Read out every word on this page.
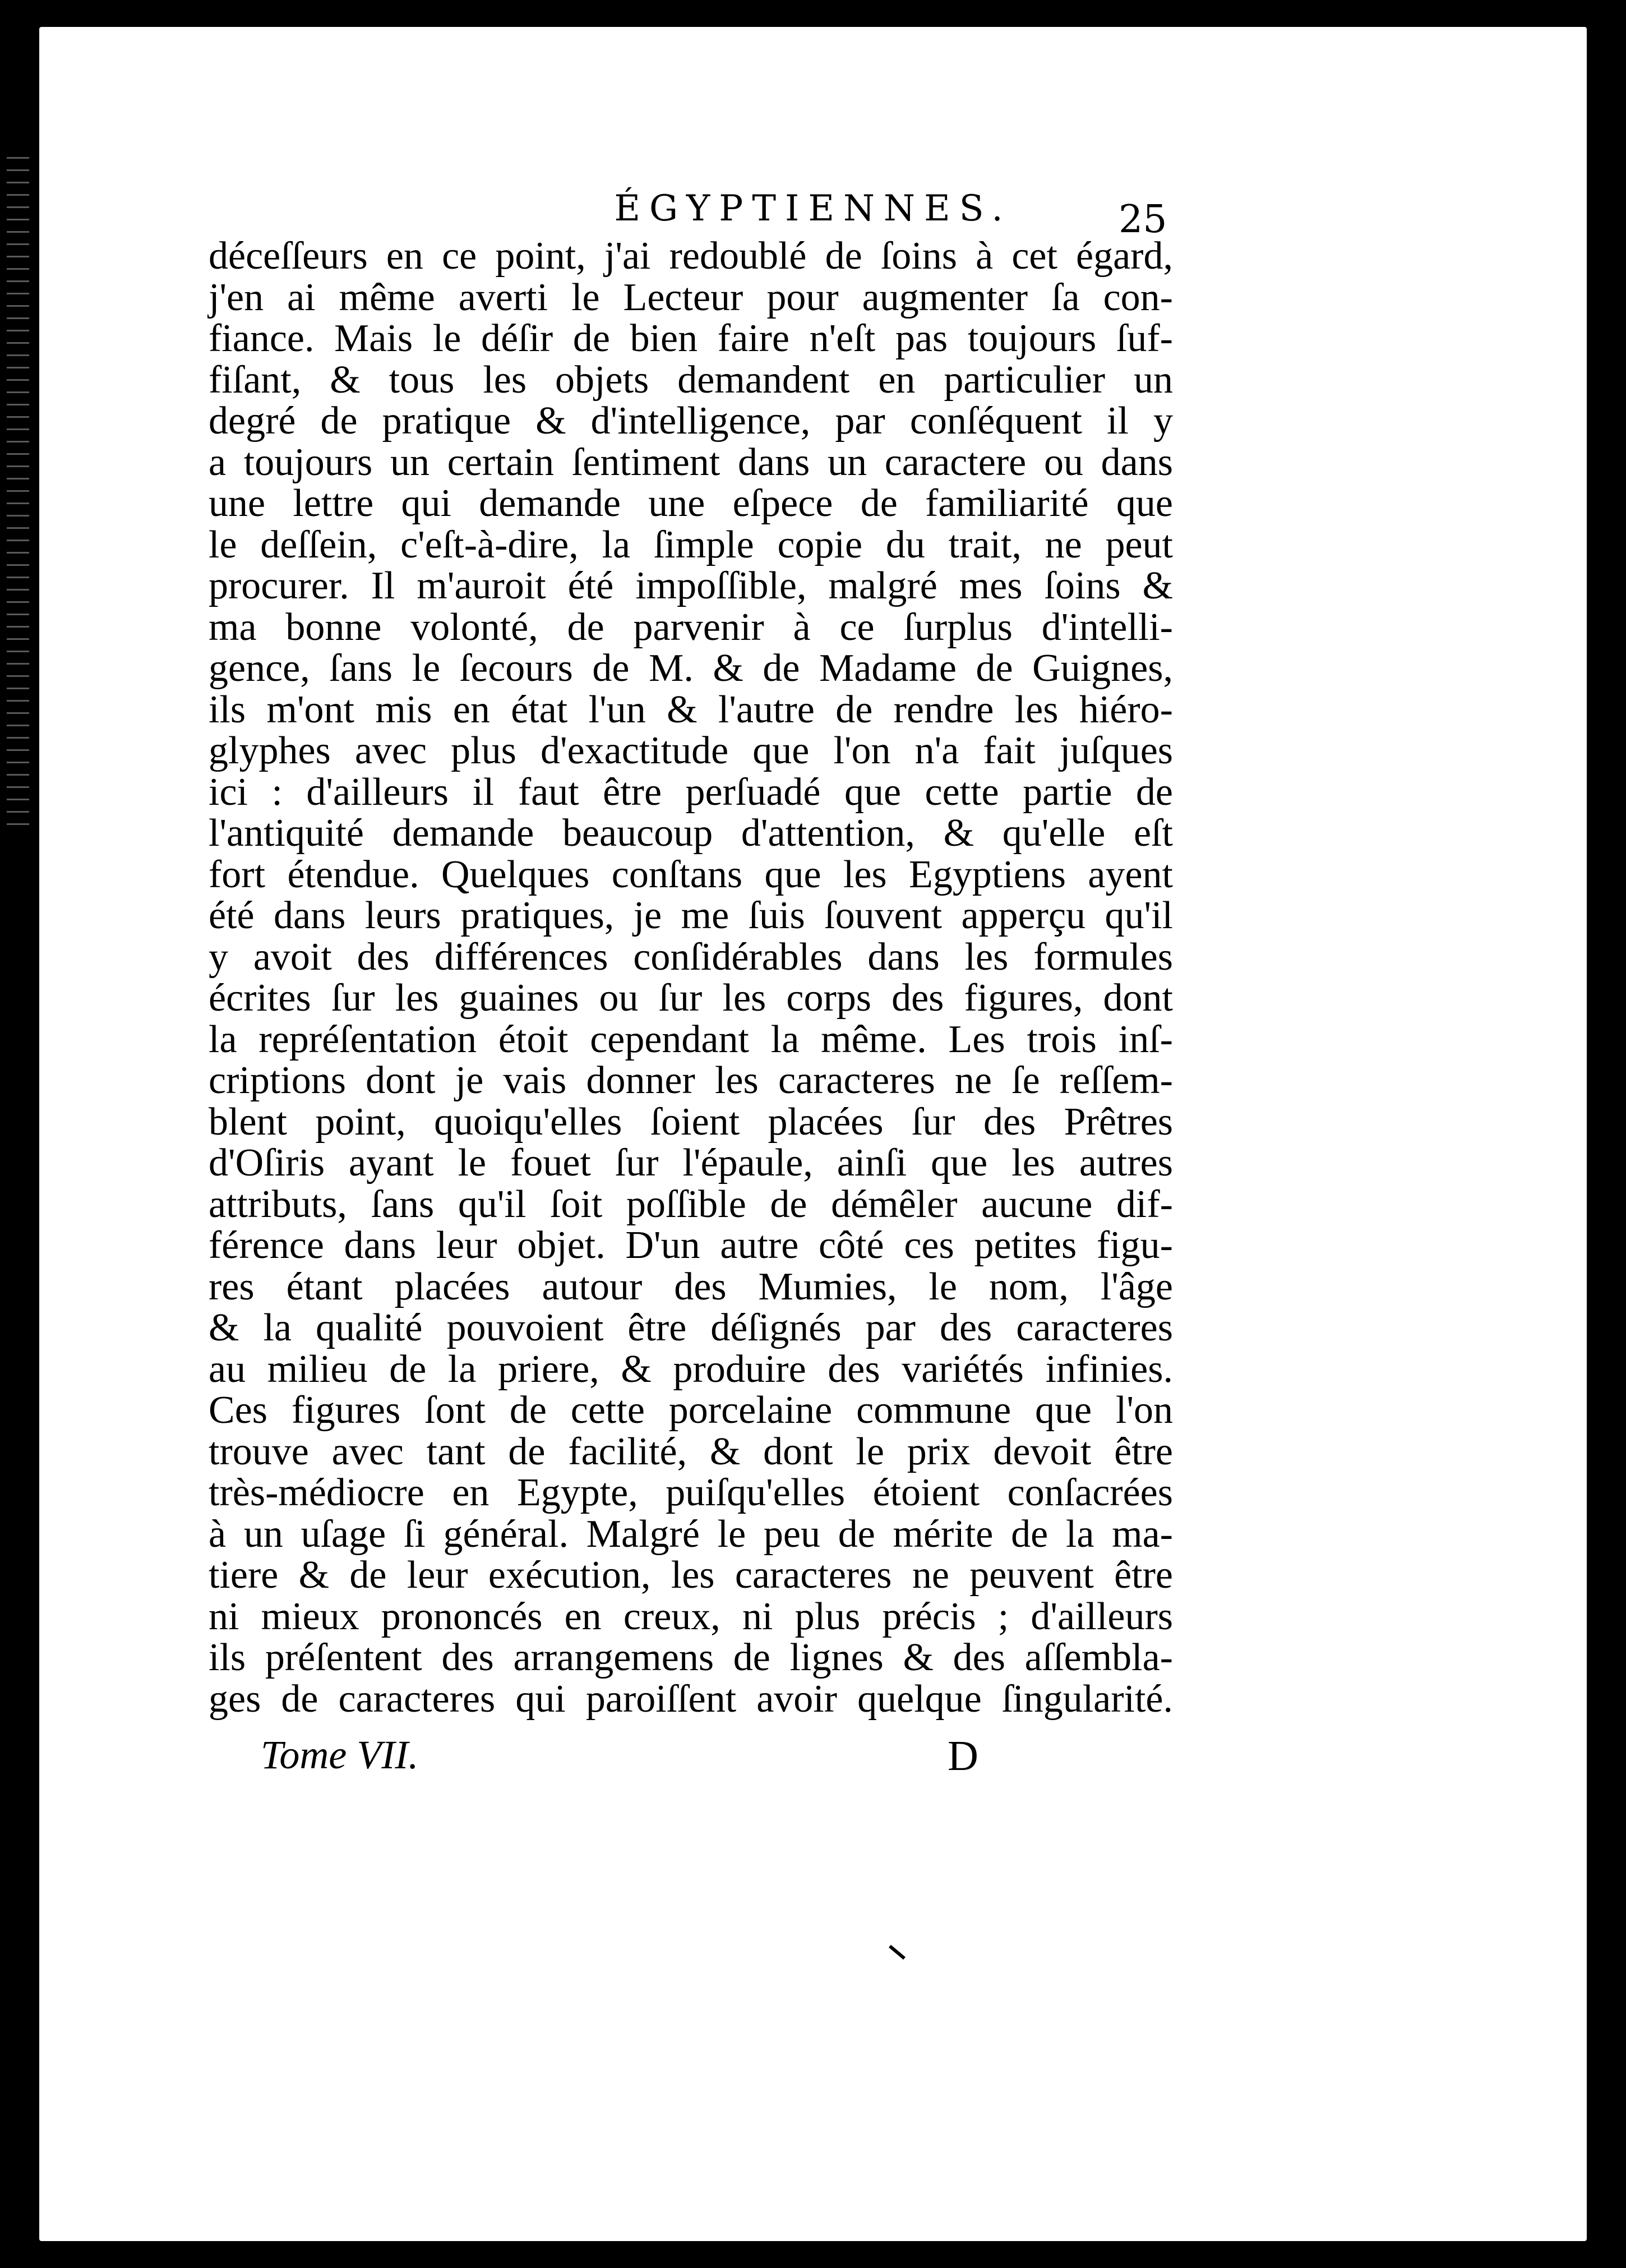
ÉGYPTIENNES.	25
déceſſeurs en ce point, j'ai redoublé de ſoins à cet égard,
j'en ai même averti le Lecteur pour augmenter ſa con-
fiance. Mais le déſir de bien faire n'eſt pas toujours ſuf-
fiſant, & tous les objets demandent en particulier un
degré de pratique & d'intelligence, par conſéquent il y
a toujours un certain ſentiment dans un caractere ou dans
une lettre qui demande une eſpece de familiarité que
le deſſein, c'eſt-à-dire, la ſimple copie du trait, ne peut
procurer. Il m'auroit été impoſſible, malgré mes ſoins &
ma bonne volonté, de parvenir à ce ſurplus d'intelli-
gence, ſans le ſecours de M. & de Madame de Guignes,
ils m'ont mis en état l'un & l'autre de rendre les hiéro-
glyphes avec plus d'exactitude que l'on n'a fait juſques
ici : d'ailleurs il faut être perſuadé que cette partie de
l'antiquité demande beaucoup d'attention, & qu'elle eſt
fort étendue. Quelques conſtans que les Egyptiens ayent
été dans leurs pratiques, je me ſuis ſouvent apperçu qu'il
y avoit des différences conſidérables dans les formules
écrites ſur les guaines ou ſur les corps des figures, dont
la repréſentation étoit cependant la même. Les trois inſ-
criptions dont je vais donner les caracteres ne ſe reſſem-
blent point, quoiqu'elles ſoient placées ſur des Prêtres
d'Oſiris ayant le fouet ſur l'épaule, ainſi que les autres
attributs, ſans qu'il ſoit poſſible de démêler aucune dif-
férence dans leur objet. D'un autre côté ces petites figu-
res étant placées autour des Mumies, le nom, l'âge
& la qualité pouvoient être déſignés par des caracteres
au milieu de la priere, & produire des variétés infinies.
Ces figures ſont de cette porcelaine commune que l'on
trouve avec tant de facilité, & dont le prix devoit être
très-médiocre en Egypte, puiſqu'elles étoient conſacrées
à un uſage ſi général. Malgré le peu de mérite de la ma-
tiere & de leur exécution, les caracteres ne peuvent être
ni mieux prononcés en creux, ni plus précis ; d'ailleurs
ils préſentent des arrangemens de lignes & des aſſembla-
ges de caracteres qui paroiſſent avoir quelque ſingularité.
Tome VII.	D
